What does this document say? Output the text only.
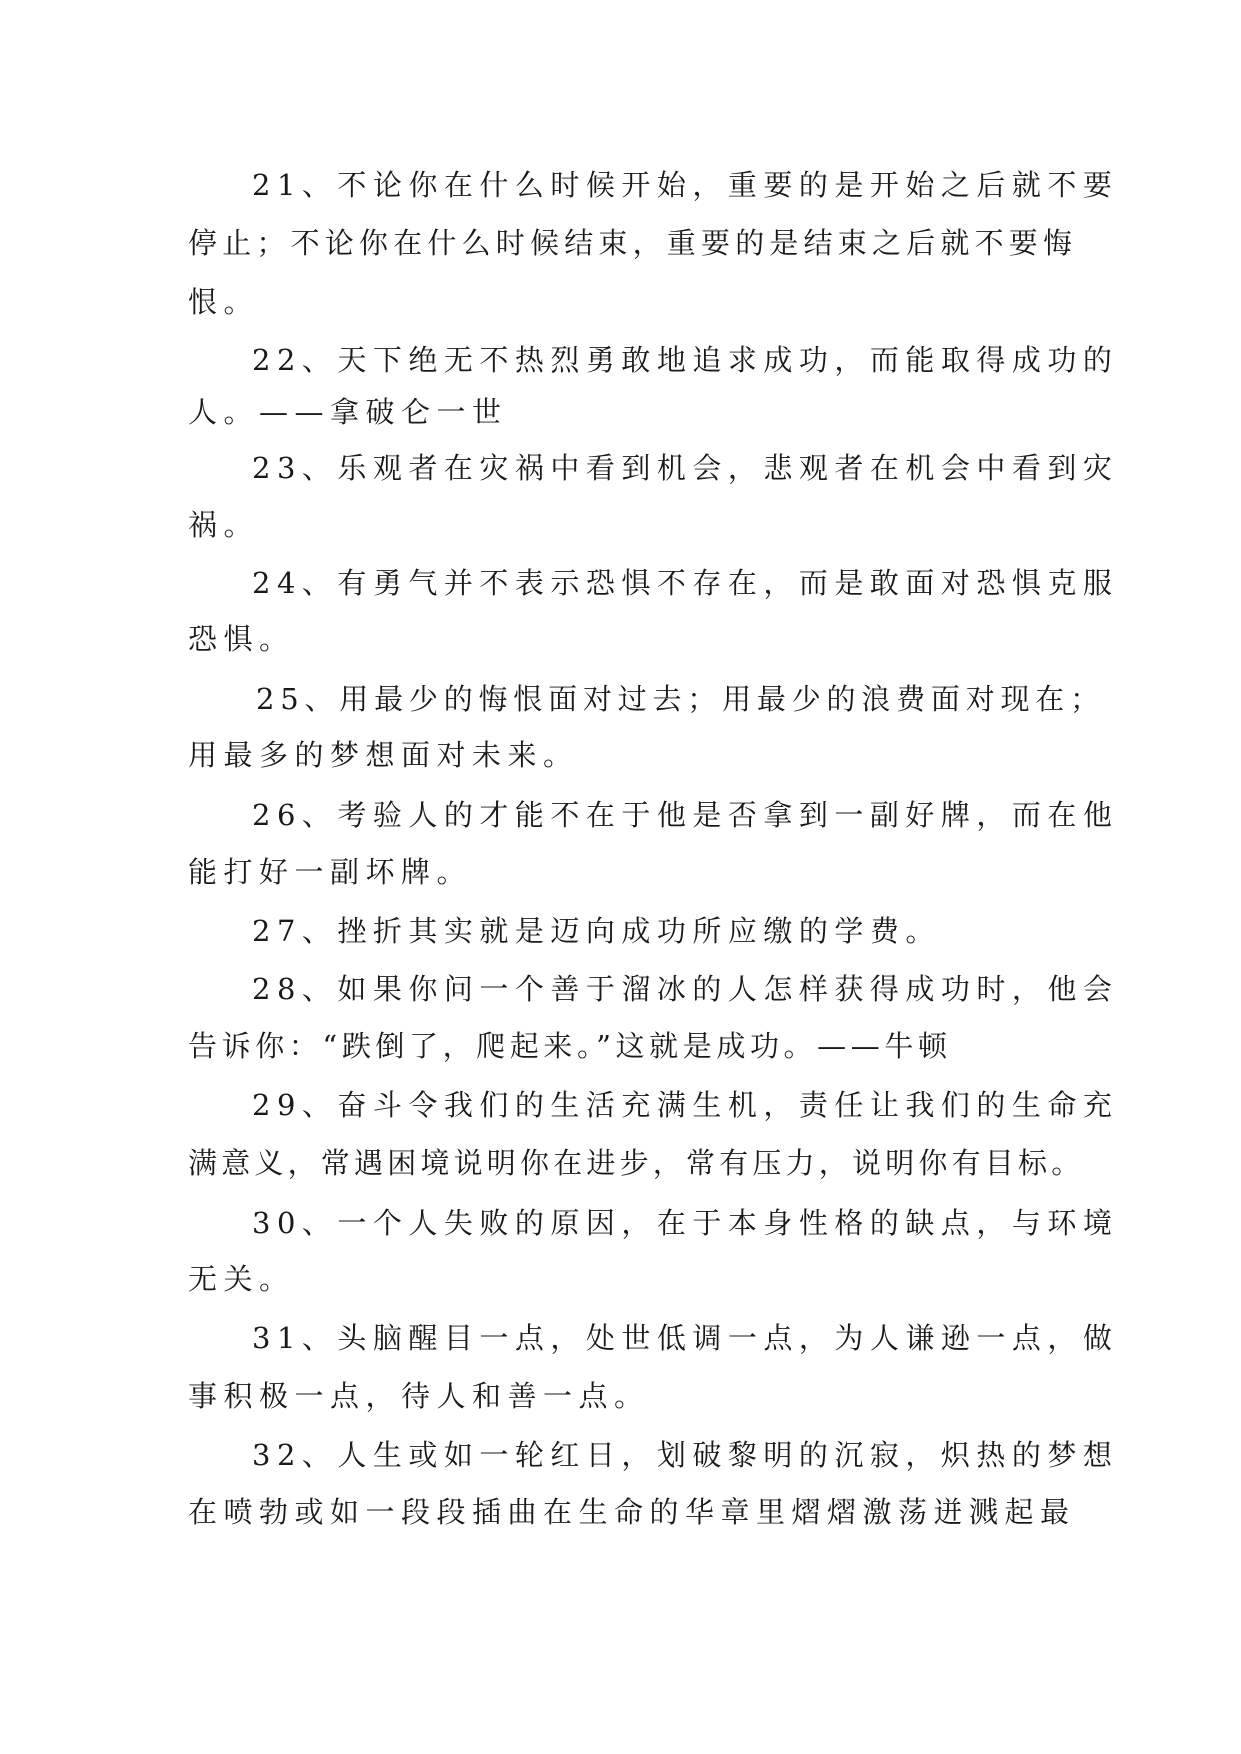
21、不论你在什么时候开始，重要的是开始之后就不要
停止；不论你在什么时候结束，重要的是结束之后就不要悔
恨。

22、天下绝无不热烈勇敢地追求成功，而能取得成功的
人。——拿破仑一世

23、乐观者在灾祸中看到机会，悲观者在机会中看到灾
祸。

24、有勇气并不表示恐惧不存在，而是敢面对恐惧克服
恐惧。

25、用最少的悔恨面对过去；用最少的浪费面对现在；
用最多的梦想面对未来。

26、考验人的才能不在于他是否拿到一副好牌，而在他
能打好一副坏牌。

27、挫折其实就是迈向成功所应缴的学费。

28、如果你问一个善于溜冰的人怎样获得成功时，他会
告诉你：“跌倒了，爬起来。”这就是成功。——牛顿

29、奋斗令我们的生活充满生机，责任让我们的生命充
满意义，常遇困境说明你在进步，常有压力，说明你有目标。

30、一个人失败的原因，在于本身性格的缺点，与环境
无关。

31、头脑醒目一点，处世低调一点，为人谦逊一点，做
事积极一点，待人和善一点。

32、人生或如一轮红日，划破黎明的沉寂，炽热的梦想
在喷勃或如一段段插曲在生命的华章里熠熠激荡迸溅起最
